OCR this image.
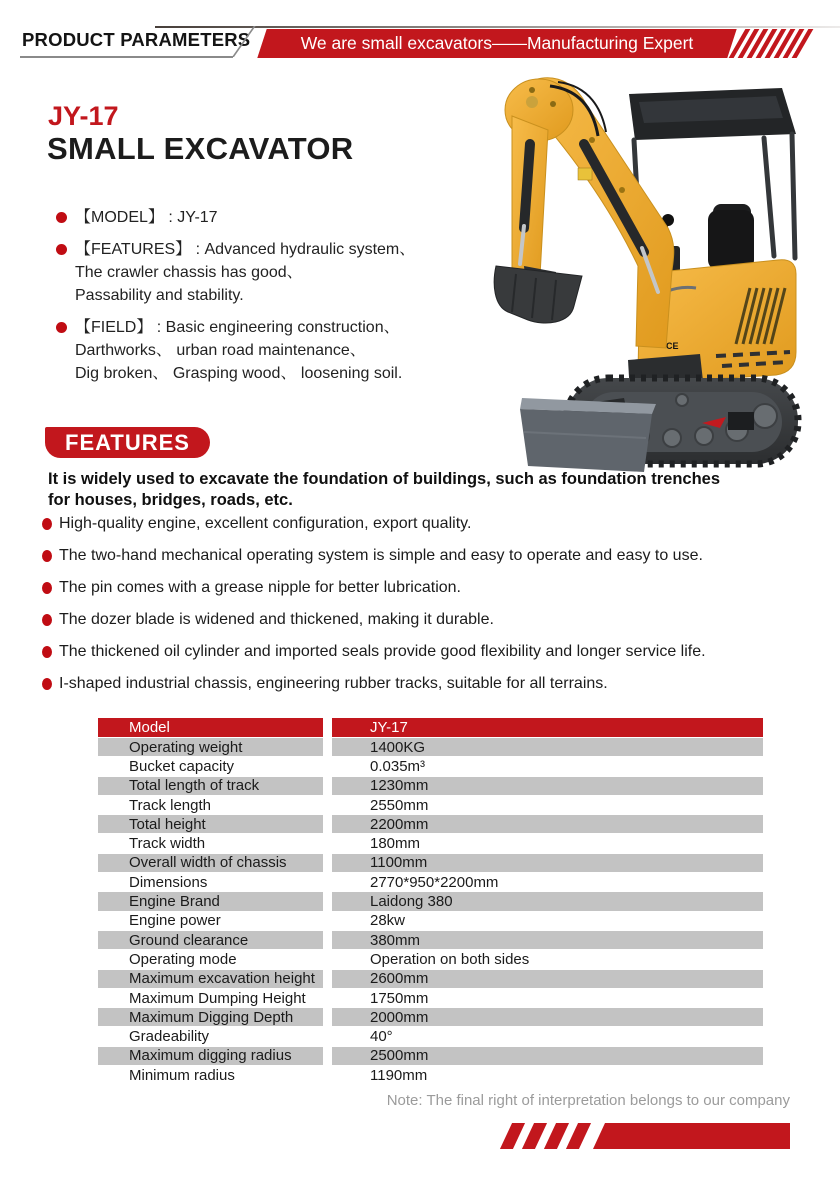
PRODUCT PARAMETERS	We are small excavators——Manufacturing Expert
JY-17
SMALL EXCAVATOR
【MODEL】 : JY-17
【FEATURES】 : Advanced hydraulic system、
The crawler chassis has good、
Passability and stability.
【FIELD】 : Basic engineering construction、
Darthworks、 urban road maintenance、
Dig broken、 Grasping wood、 loosening soil.
CE
FEATURES

It is widely used to excavate the foundation of buildings, such as foundation trenches for houses, bridges, roads, etc.

High-quality engine, excellent configuration, export quality.
The two-hand mechanical operating system is simple and easy to operate and easy to use.
The pin comes with a grease nipple for better lubrication.
The dozer blade is widened and thickened, making it durable.
The thickened oil cylinder and imported seals provide good flexibility and longer service life.
I-shaped industrial chassis, engineering rubber tracks, suitable for all terrains.
Model	JY-17
Operating weight	1400KG
Bucket capacity	0.035m³
Total length of track	1230mm
Track length	2550mm
Total height	2200mm
Track width	180mm
Overall width of chassis	1100mm
Dimensions	2770*950*2200mm
Engine Brand	Laidong 380
Engine power	28kw
Ground clearance	380mm
Operating mode	Operation on both sides
Maximum excavation height	2600mm
Maximum Dumping Height	1750mm
Maximum Digging Depth	2000mm
Gradeability	40°
Maximum digging radius	2500mm
Minimum radius	1190mm

Note: The final right of interpretation belongs to our company
